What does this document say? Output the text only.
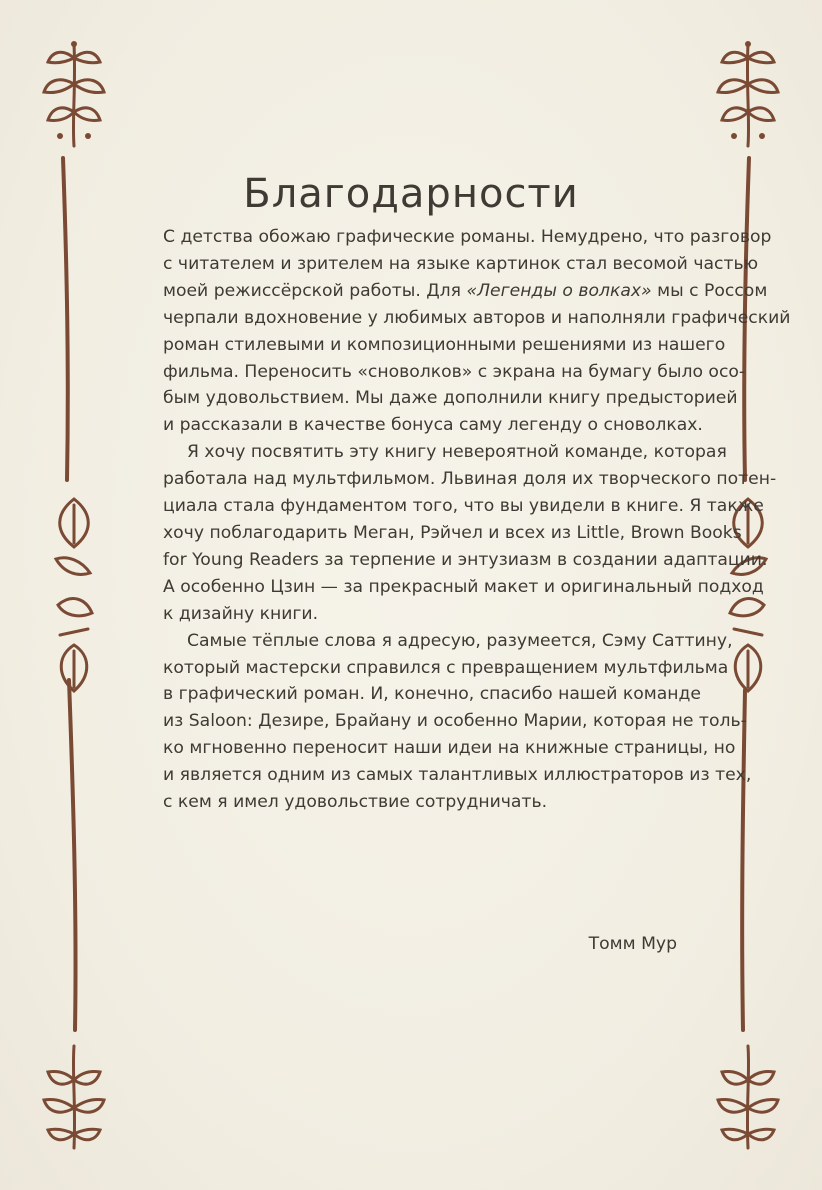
Благодарности
С детства обожаю графические романы. Немудрено, что разговор
с читателем и зрителем на языке картинок стал весомой частью
моей режиссёрской работы. Для «Легенды о волках» мы с Россом
черпали вдохновение у любимых авторов и наполняли графический
роман стилевыми и композиционными решениями из нашего
фильма. Переносить «сноволков» с экрана на бумагу было осо-
бым удовольствием. Мы даже дополнили книгу предысторией
и рассказали в качестве бонуса саму легенду о сноволках.
Я хочу посвятить эту книгу невероятной команде, которая
работала над мультфильмом. Львиная доля их творческого потен-
циала стала фундаментом того, что вы увидели в книге. Я также
хочу поблагодарить Меган, Рэйчел и всех из Little, Brown Books
for Young Readers за терпение и энтузиазм в создании адаптации.
А особенно Цзин — за прекрасный макет и оригинальный подход
к дизайну книги.
Самые тёплые слова я адресую, разумеется, Сэму Саттину,
который мастерски справился с превращением мультфильма
в графический роман. И, конечно, спасибо нашей команде
из Saloon: Дезире, Брайану и особенно Марии, которая не толь-
ко мгновенно переносит наши идеи на книжные страницы, но
и является одним из самых талантливых иллюстраторов из тех,
с кем я имел удовольствие сотрудничать.
Томм Мур
